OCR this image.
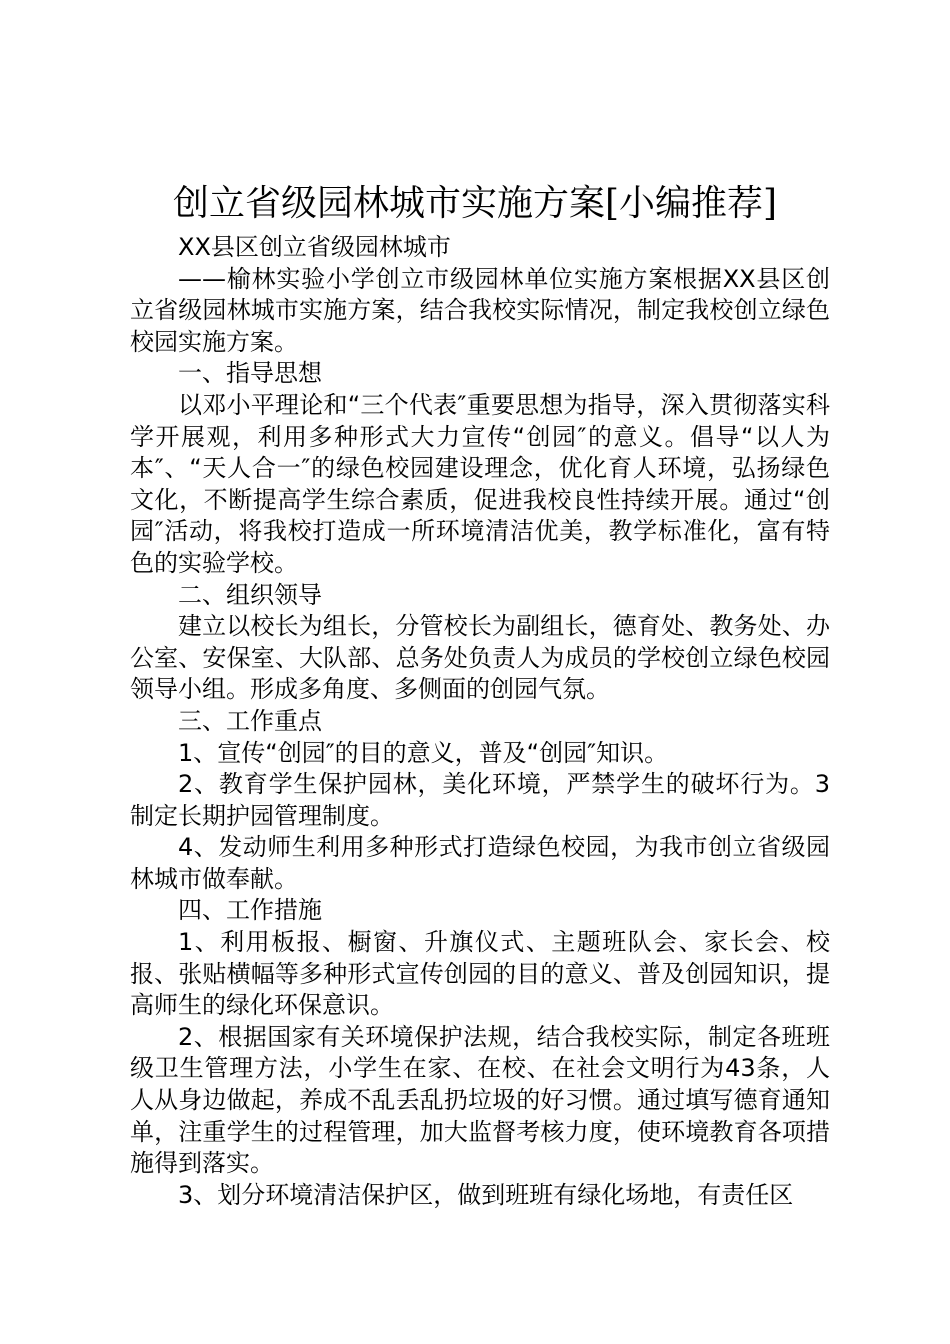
创立省级园林城市实施方案[小编推荐]

XX县区创立省级园林城市

——榆林实验小学创立市级园林单位实施方案根据XX县区创立省级园林城市实施方案，结合我校实际情况，制定我校创立绿色校园实施方案。

一、指导思想

以邓小平理论和“三个代表″重要思想为指导，深入贯彻落实科学开展观，利用多种形式大力宣传“创园″的意义。倡导“以人为本″、“天人合一″的绿色校园建设理念，优化育人环境，弘扬绿色文化，不断提高学生综合素质，促进我校良性持续开展。通过“创园″活动，将我校打造成一所环境清洁优美，教学标准化，富有特色的实验学校。

二、组织领导

建立以校长为组长，分管校长为副组长，德育处、教务处、办公室、安保室、大队部、总务处负责人为成员的学校创立绿色校园领导小组。形成多角度、多侧面的创园气氛。

三、工作重点

1、宣传“创园″的目的意义，普及“创园″知识。

2、教育学生保护园林，美化环境，严禁学生的破坏行为。3制定长期护园管理制度。

4、发动师生利用多种形式打造绿色校园，为我市创立省级园林城市做奉献。

四、工作措施

1、利用板报、橱窗、升旗仪式、主题班队会、家长会、校报、张贴横幅等多种形式宣传创园的目的意义、普及创园知识，提高师生的绿化环保意识。

2、根据国家有关环境保护法规，结合我校实际，制定各班班级卫生管理方法，小学生在家、在校、在社会文明行为43条，人人从身边做起，养成不乱丢乱扔垃圾的好习惯。通过填写德育通知单，注重学生的过程管理，加大监督考核力度，使环境教育各项措施得到落实。

3、划分环境清洁保护区，做到班班有绿化场地，有责任区
